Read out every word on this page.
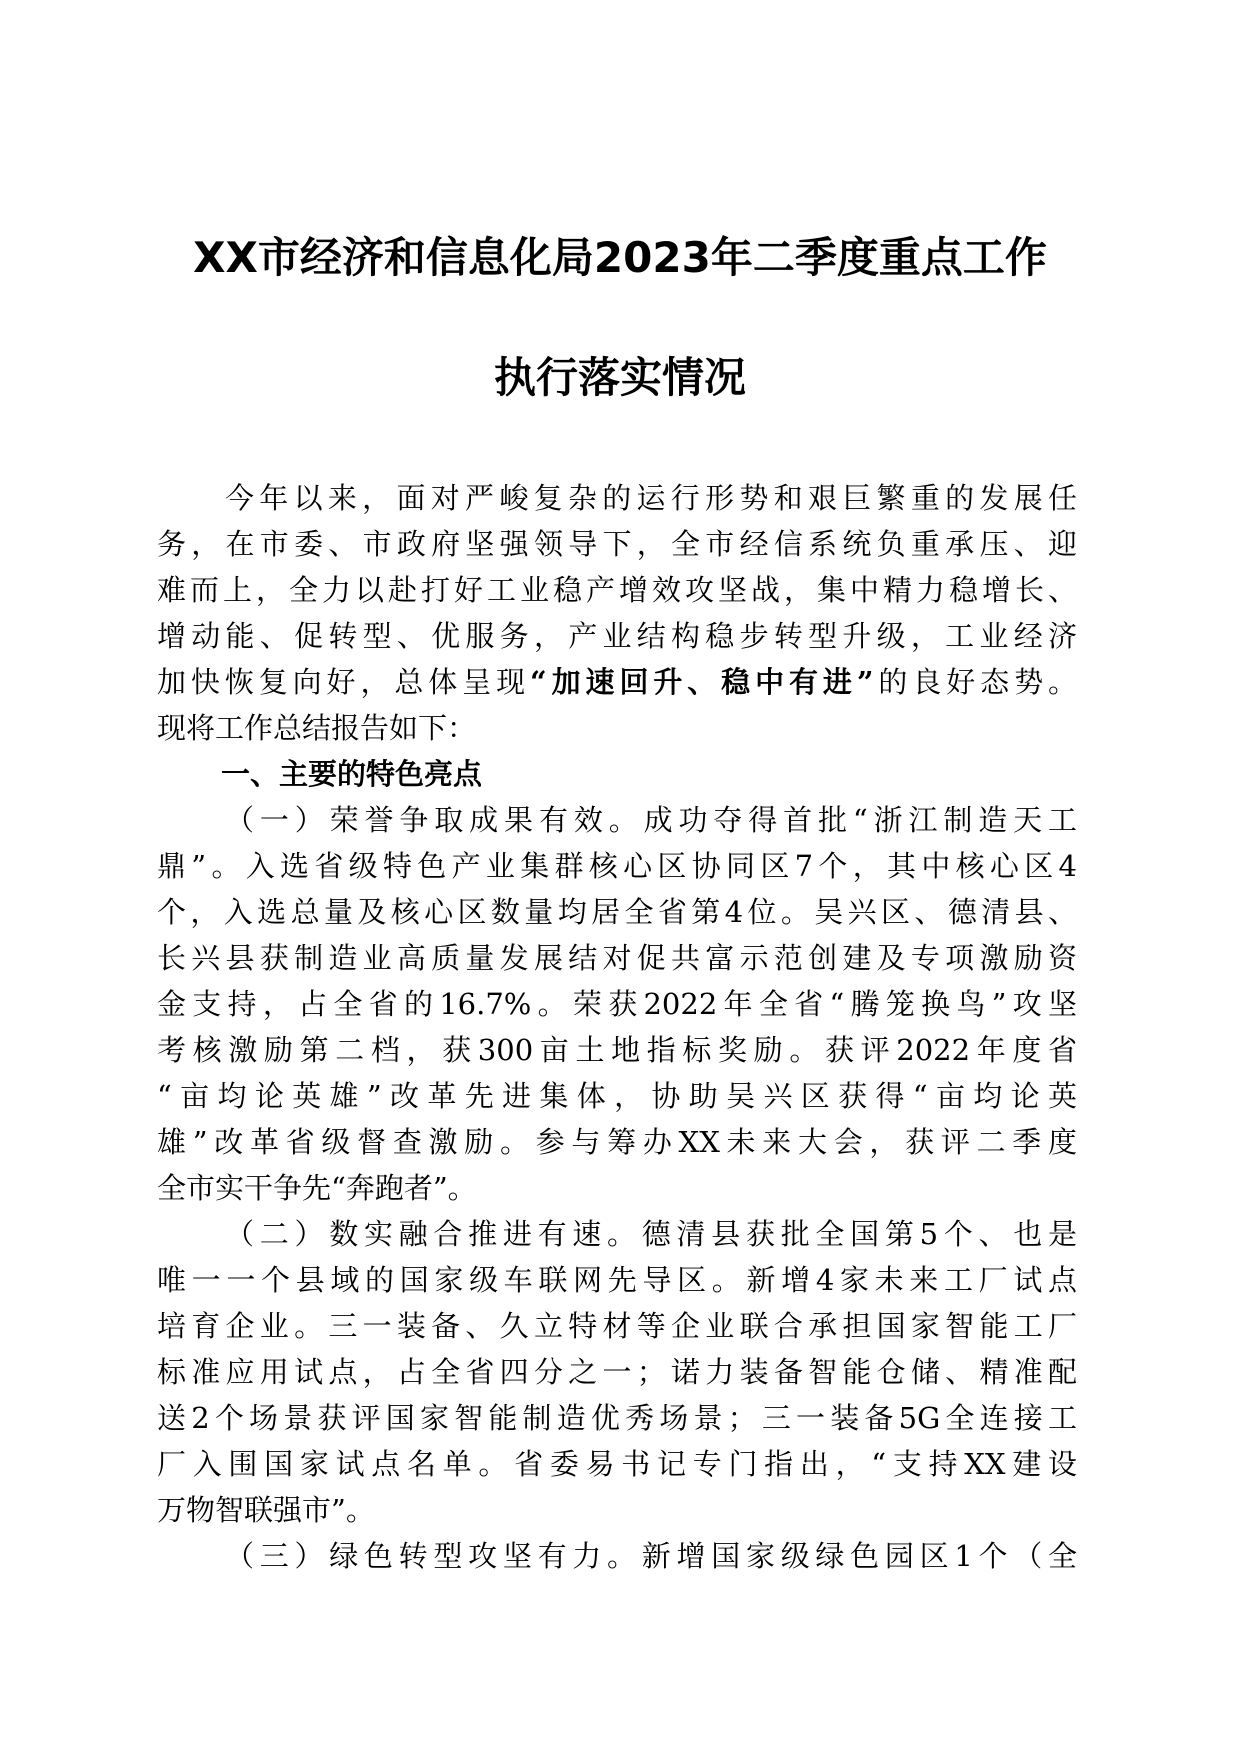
XX市经济和信息化局2023年二季度重点工作
执行落实情况
今年以来，面对严峻复杂的运行形势和艰巨繁重的发展任
务，在市委、市政府坚强领导下，全市经信系统负重承压、迎
难而上，全力以赴打好工业稳产增效攻坚战，集中精力稳增长、
增动能、促转型、优服务，产业结构稳步转型升级，工业经济
加快恢复向好，总体呈现“加速回升、稳中有进”的良好态势。
现将工作总结报告如下：
一、主要的特色亮点
（一）荣誉争取成果有效。成功夺得首批“浙江制造天工
鼎”。入选省级特色产业集群核心区协同区7个，其中核心区4
个，入选总量及核心区数量均居全省第4位。吴兴区、德清县、
长兴县获制造业高质量发展结对促共富示范创建及专项激励资
金支持，占全省的16.7%。荣获2022年全省“腾笼换鸟”攻坚
考核激励第二档，获300亩土地指标奖励。获评2022年度省
“亩均论英雄”改革先进集体，协助吴兴区获得“亩均论英
雄”改革省级督查激励。参与筹办XX未来大会，获评二季度
全市实干争先“奔跑者”。
（二）数实融合推进有速。德清县获批全国第5个、也是
唯一一个县域的国家级车联网先导区。新增4家未来工厂试点
培育企业。三一装备、久立特材等企业联合承担国家智能工厂
标准应用试点，占全省四分之一；诺力装备智能仓储、精准配
送2个场景获评国家智能制造优秀场景；三一装备5G全连接工
厂入围国家试点名单。省委易书记专门指出，“支持XX建设
万物智联强市”。
（三）绿色转型攻坚有力。新增国家级绿色园区1个（全
